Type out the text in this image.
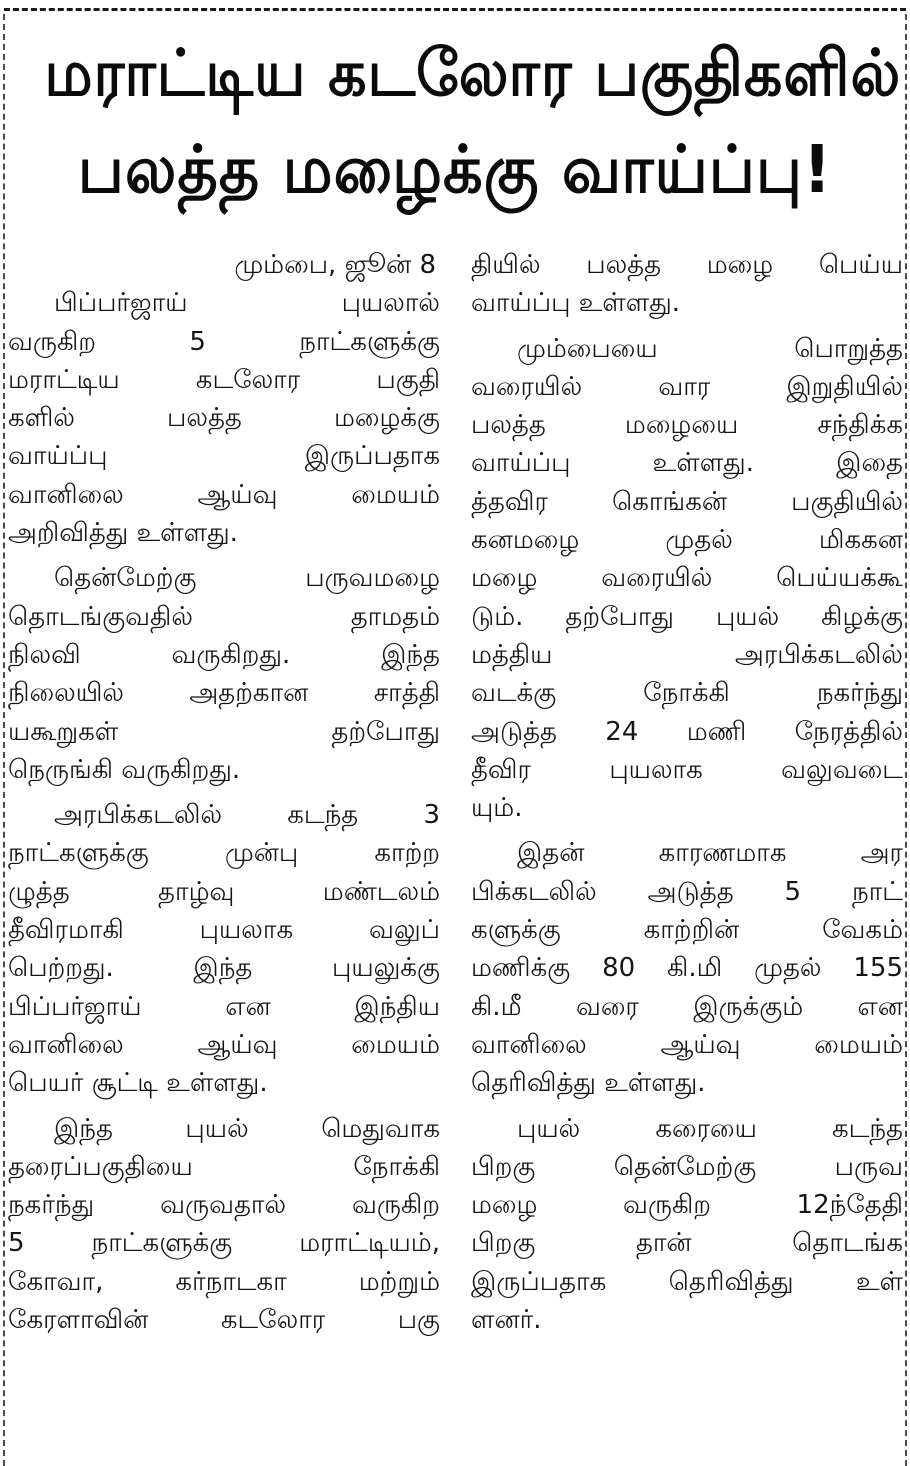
மராட்டிய கடலோர பகுதிகளில்
பலத்த மழைக்கு வாய்ப்பு!
மும்பை, ஜூன் 8
பிப்பர்ஜாய் புயலால்
வருகிற 5 நாட்களுக்கு
மராட்டிய கடலோர பகுதி
களில் பலத்த மழைக்கு
வாய்ப்பு இருப்பதாக
வானிலை ஆய்வு மையம்
அறிவித்து உள்ளது.
தென்மேற்கு பருவமழை
தொடங்குவதில் தாமதம்
நிலவி வருகிறது. இந்த
நிலையில் அதற்கான சாத்தி
யகூறுகள் தற்போது
நெருங்கி வருகிறது.
அரபிக்கடலில் கடந்த 3
நாட்களுக்கு முன்பு காற்ற
ழுத்த தாழ்வு மண்டலம்
தீவிரமாகி புயலாக வலுப்
பெற்றது. இந்த புயலுக்கு
பிப்பர்ஜாய் என இந்திய
வானிலை ஆய்வு மையம்
பெயர் சூட்டி உள்ளது.
இந்த புயல் மெதுவாக
தரைப்பகுதியை நோக்கி
நகர்ந்து வருவதால் வருகிற
5 நாட்களுக்கு மராட்டியம்,
கோவா, கர்நாடகா மற்றும்
கேரளாவின் கடலோர பகு
தியில் பலத்த மழை பெய்ய
வாய்ப்பு உள்ளது.
மும்பையை பொறுத்த
வரையில் வார இறுதியில்
பலத்த மழையை சந்திக்க
வாய்ப்பு உள்ளது. இதை
த்தவிர கொங்கன் பகுதியில்
கனமழை முதல் மிககன
மழை வரையில் பெய்யக்கூ
டும். தற்போது புயல் கிழக்கு
மத்திய அரபிக்கடலில்
வடக்கு நோக்கி நகர்ந்து
அடுத்த 24 மணி நேரத்தில்
தீவிர புயலாக வலுவடை
யும்.
இதன் காரணமாக அர
பிக்கடலில் அடுத்த 5 நாட்
களுக்கு காற்றின் வேகம்
மணிக்கு 80 கி.மி முதல் 155
கி.மீ வரை இருக்கும் என
வானிலை ஆய்வு மையம்
தெரிவித்து உள்ளது.
புயல் கரையை கடந்த
பிறகு தென்மேற்கு பருவ
மழை வருகிற 12ந்தேதி
பிறகு தான் தொடங்க
இருப்பதாக தெரிவித்து உள்
ளனர்.
